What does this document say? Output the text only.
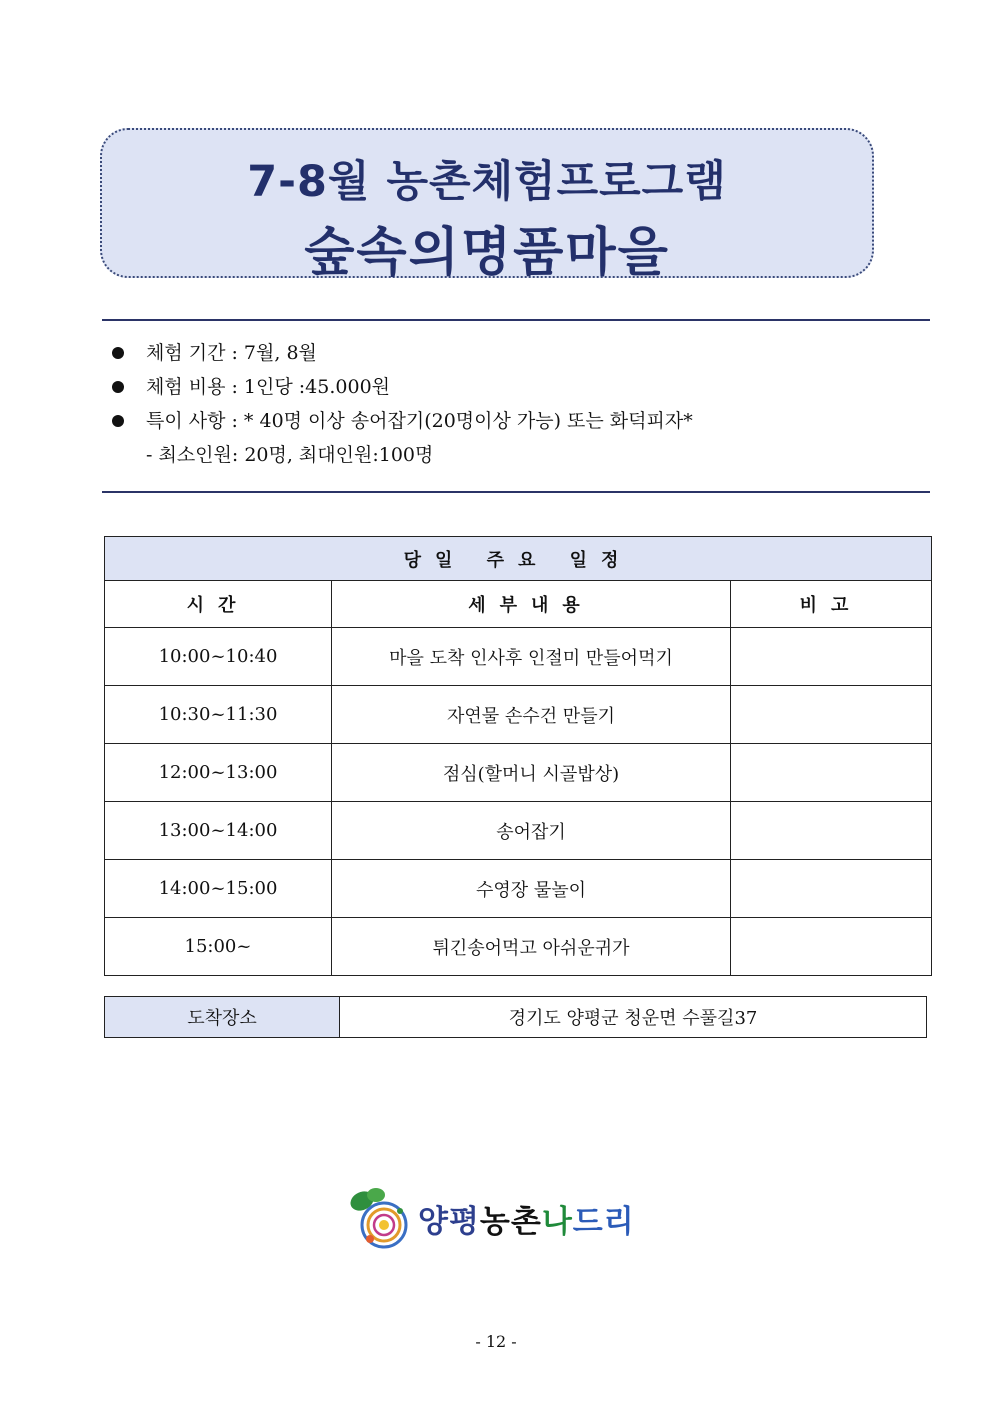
7-8월 농촌체험프로그램
숲속의명품마을
체험 기간 : 7월, 8월
체험 비용 : 1인당 :45.000원
특이 사항 : * 40명 이상 송어잡기(20명이상 가능) 또는 화덕피자*
- 최소인원: 20명, 최대인원:100명
당일 주요 일정		
시간	세부내용	비고
10:00~10:40	마을 도착 인사후 인절미 만들어먹기	
10:30~11:30	자연물 손수건 만들기	
12:00~13:00	점심(할머니 시골밥상)	
13:00~14:00	송어잡기	
14:00~15:00	수영장 물놀이	
15:00~	튀긴송어먹고 아쉬운귀가	
도착장소	경기도 양평군 청운면 수풀길37
양평농촌나드리
- 12 -
